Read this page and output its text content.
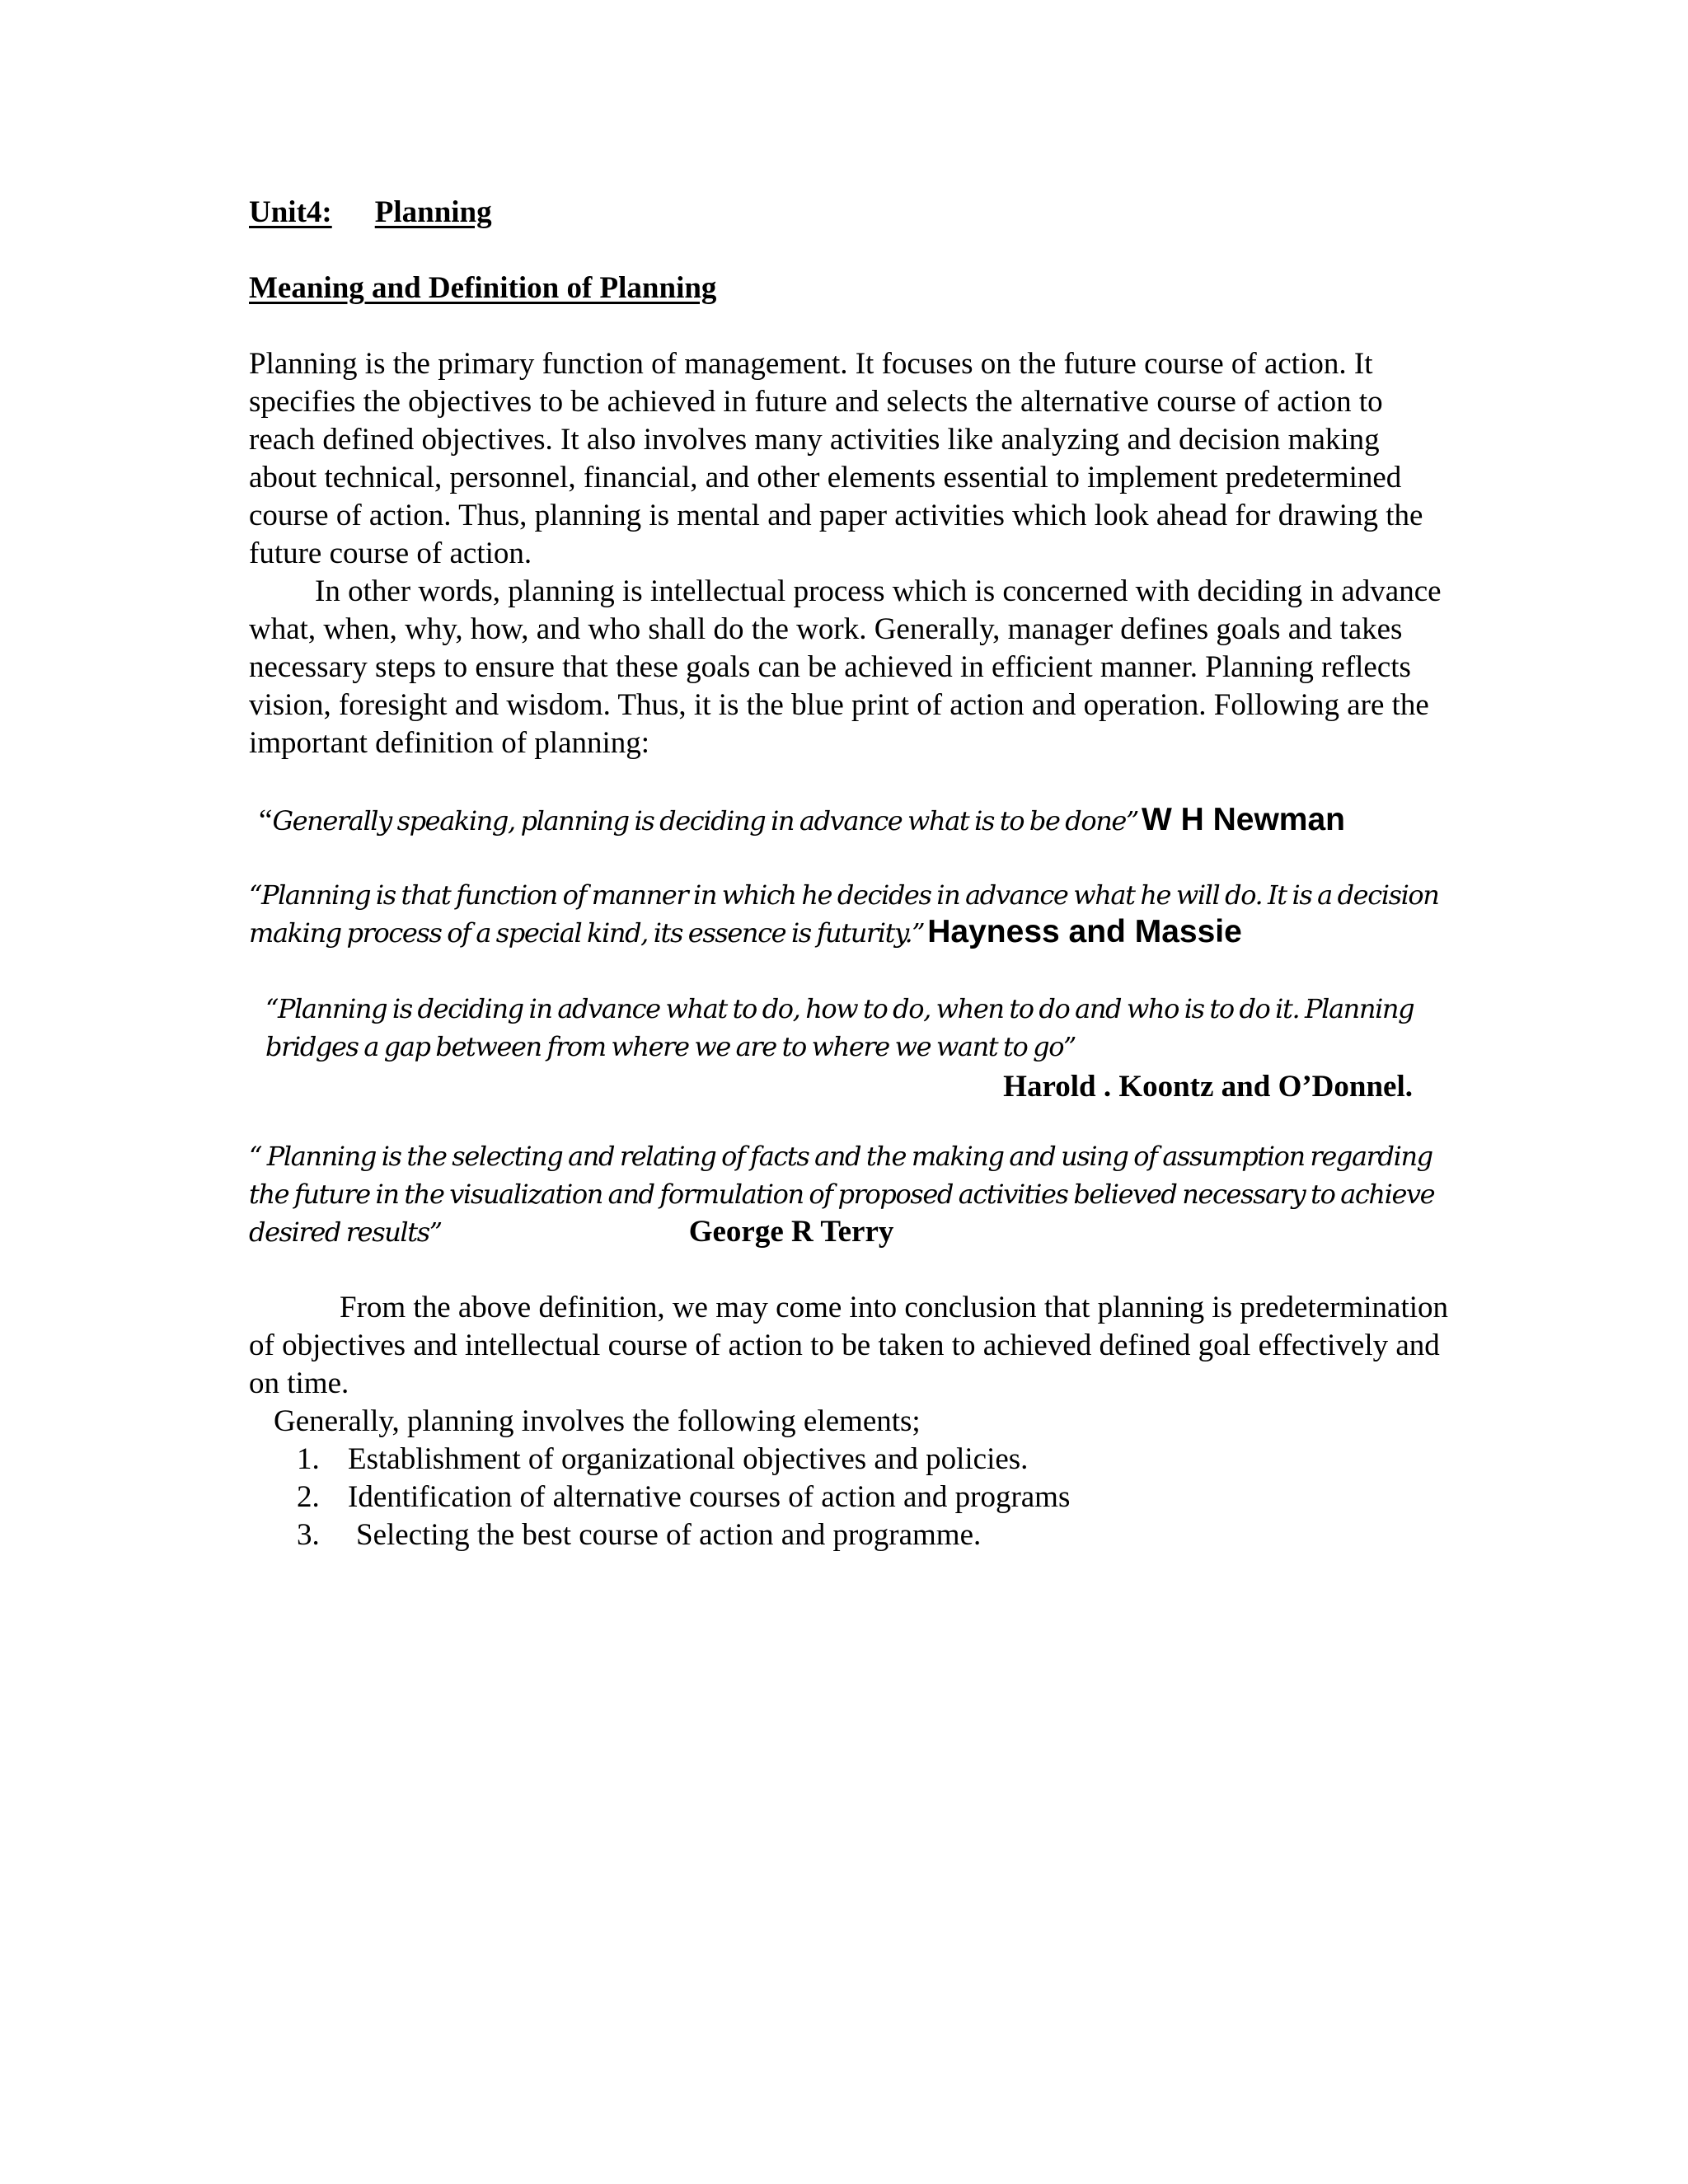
Unit4: Planning

Meaning and Definition of Planning

Planning is the primary function of management. It focuses on the future course of action. It specifies the objectives to be achieved in future and selects the alternative course of action to reach defined objectives. It also involves many activities like analyzing and decision making about technical, personnel, financial, and other elements essential to implement predetermined course of action. Thus, planning is mental and paper activities which look ahead for drawing the future course of action.

In other words, planning is intellectual process which is concerned with deciding in advance what, when, why, how, and who shall do the work. Generally, manager defines goals and takes necessary steps to ensure that these goals can be achieved in efficient manner. Planning reflects vision, foresight and wisdom. Thus, it is the blue print of action and operation. Following are the important definition of planning:

“Generally speaking, planning is deciding in advance what is to be done” W H Newman
“Planning is that function of manner in which he decides in advance what he will do. It is a decision making process of a special kind, its essence is futurity.” Hayness and Massie
“Planning is deciding in advance what to do, how to do, when to do and who is to do it. Planning bridges a gap between from where we are to where we want to go”
Harold . Koontz and O’Donnel.
“ Planning is the selecting and relating of facts and the making and using of assumption regarding the future in the visualization and formulation of proposed activities believed necessary to achieve desired results”	George R Terry

From the above definition, we may come into conclusion that planning is predetermination of objectives and intellectual course of action to be taken to achieved defined goal effectively and on time.

Generally, planning involves the following elements;

1. Establishment of organizational objectives and policies.
2. Identification of alternative courses of action and programs
3. Selecting the best course of action and programme.
